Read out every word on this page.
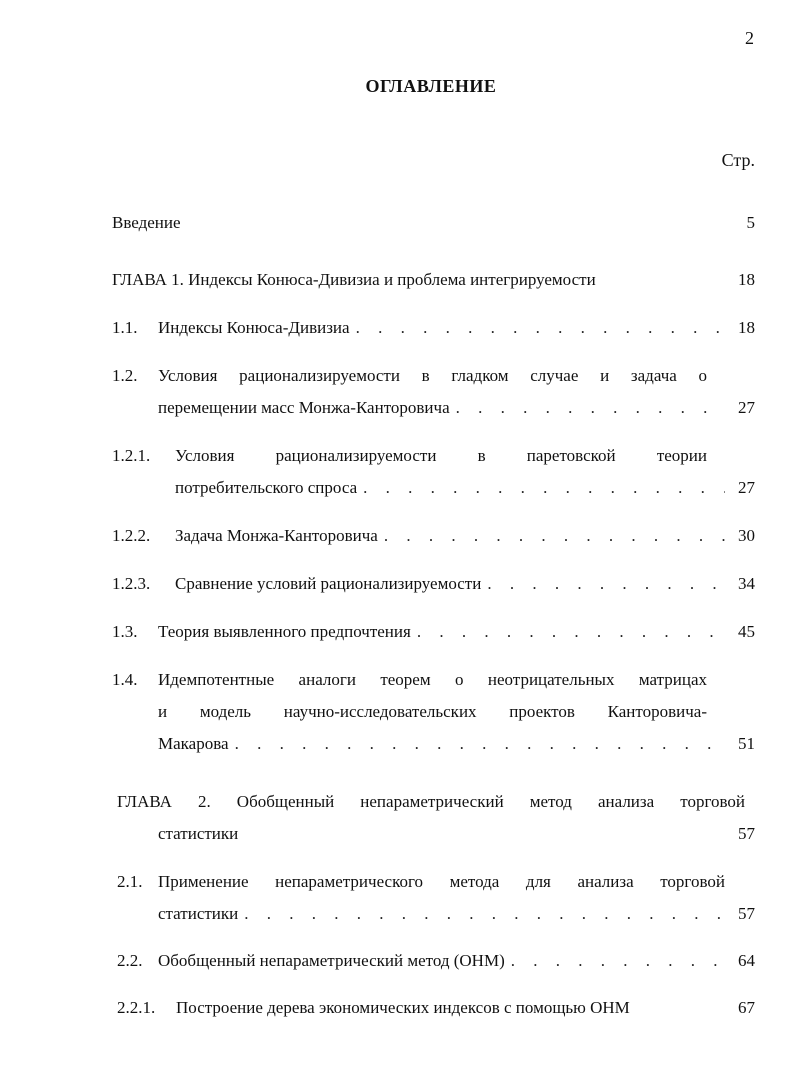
2
ОГЛАВЛЕНИЕ
Стр.
Введение	5
ГЛАВА 1. Индексы Конюса-Дивизиа и проблема интегрируемости	18
1.1.	Индексы Конюса-Дивизиа . . .	18
1.2.	Условия рационализируемости в гладком случае и задача о
перемещении масс Монжа-Канторовича . . .	27
1.2.1.	Условия рационализируемости в паретовской теории
потребительского спроса . . .	27
1.2.2.	Задача Монжа-Канторовича . . .	30
1.2.3.	Сравнение условий рационализируемости . . .	34
1.3.	Теория выявленного предпочтения . . .	45
1.4.	Идемпотентные аналоги теорем о неотрицательных матрицах
и модель научно-исследовательских проектов Канторовича-
Макарова . . .	51
ГЛАВА 2. Обобщенный непараметрический метод анализа торговой
статистики	57
2.1. Применение непараметрического метода для анализа торговой
статистики . . .	57
2.2. Обобщенный непараметрический метод (ОНМ) . . .	64
2.2.1.	Построение дерева экономических индексов с помощью ОНМ	67
